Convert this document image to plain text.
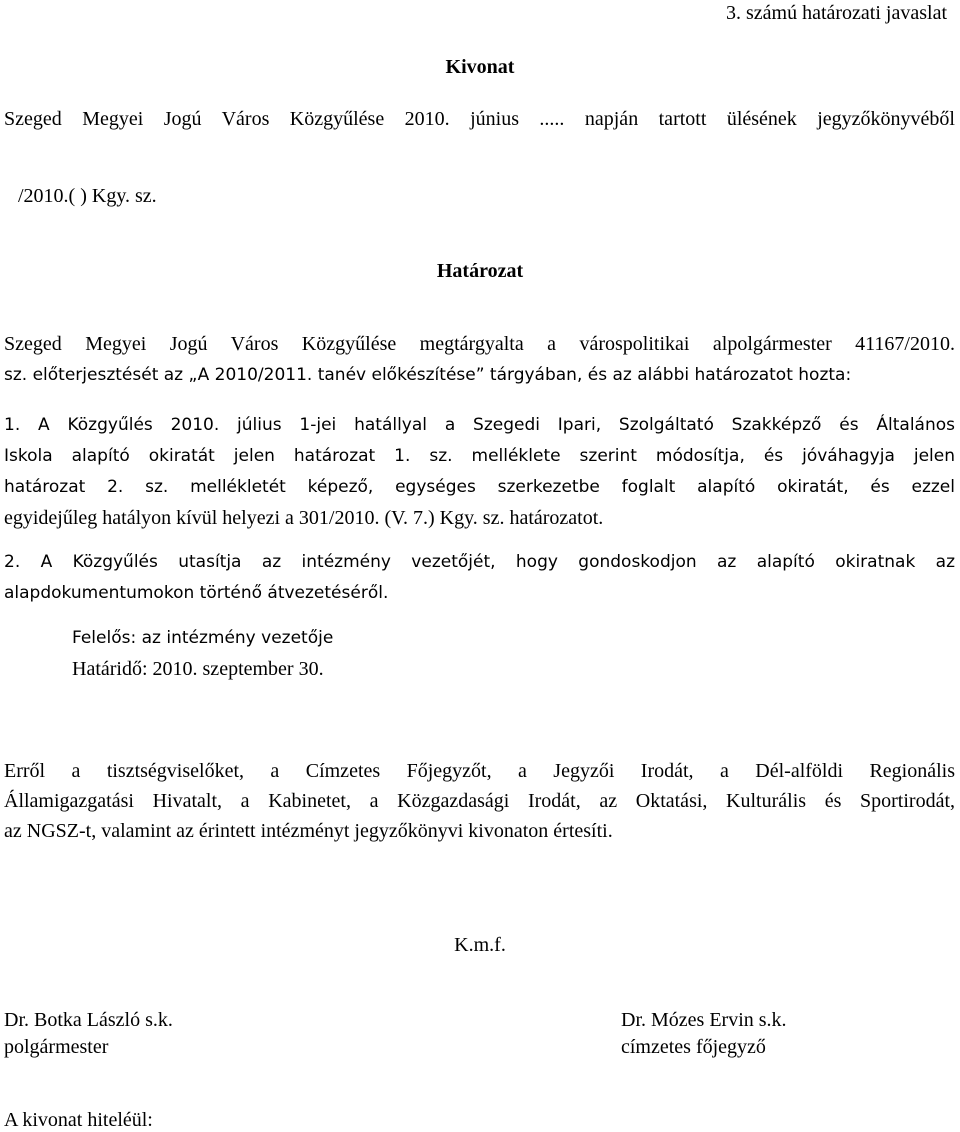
3. számú határozati javaslat

Kivonat

Szeged Megyei Jogú Város Közgyűlése 2010. június ..... napján tartott ülésének jegyzőkönyvéből

/2010.( ) Kgy. sz.

Határozat

Szeged Megyei Jogú Város Közgyűlése megtárgyalta a várospolitikai alpolgármester 41167/2010.
sz. előterjesztését az „A 2010/2011. tanév előkészítése” tárgyában, és az alábbi határozatot hozta:
1. A Közgyűlés 2010. július 1-jei hatállyal a Szegedi Ipari, Szolgáltató Szakképző és Általános
Iskola alapító okiratát jelen határozat 1. sz. melléklete szerint módosítja, és jóváhagyja jelen
határozat 2. sz. mellékletét képező, egységes szerkezetbe foglalt alapító okiratát, és ezzel
egyidejűleg hatályon kívül helyezi a 301/2010. (V. 7.) Kgy. sz. határozatot.
2. A Közgyűlés utasítja az intézmény vezetőjét, hogy gondoskodjon az alapító okiratnak az
alapdokumentumokon történő átvezetéséről.

Felelős: az intézmény vezetője

Határidő: 2010. szeptember 30.

Erről a tisztségviselőket, a Címzetes Főjegyzőt, a Jegyzői Irodát, a Dél-alföldi Regionális
Államigazgatási Hivatalt, a Kabinetet, a Közgazdasági Irodát, az Oktatási, Kulturális és Sportirodát,
az NGSZ-t, valamint az érintett intézményt jegyzőkönyvi kivonaton értesíti.

K.m.f.

Dr. Botka László s.k.

polgármester

Dr. Mózes Ervin s.k.

címzetes főjegyző

A kivonat hiteléül:
